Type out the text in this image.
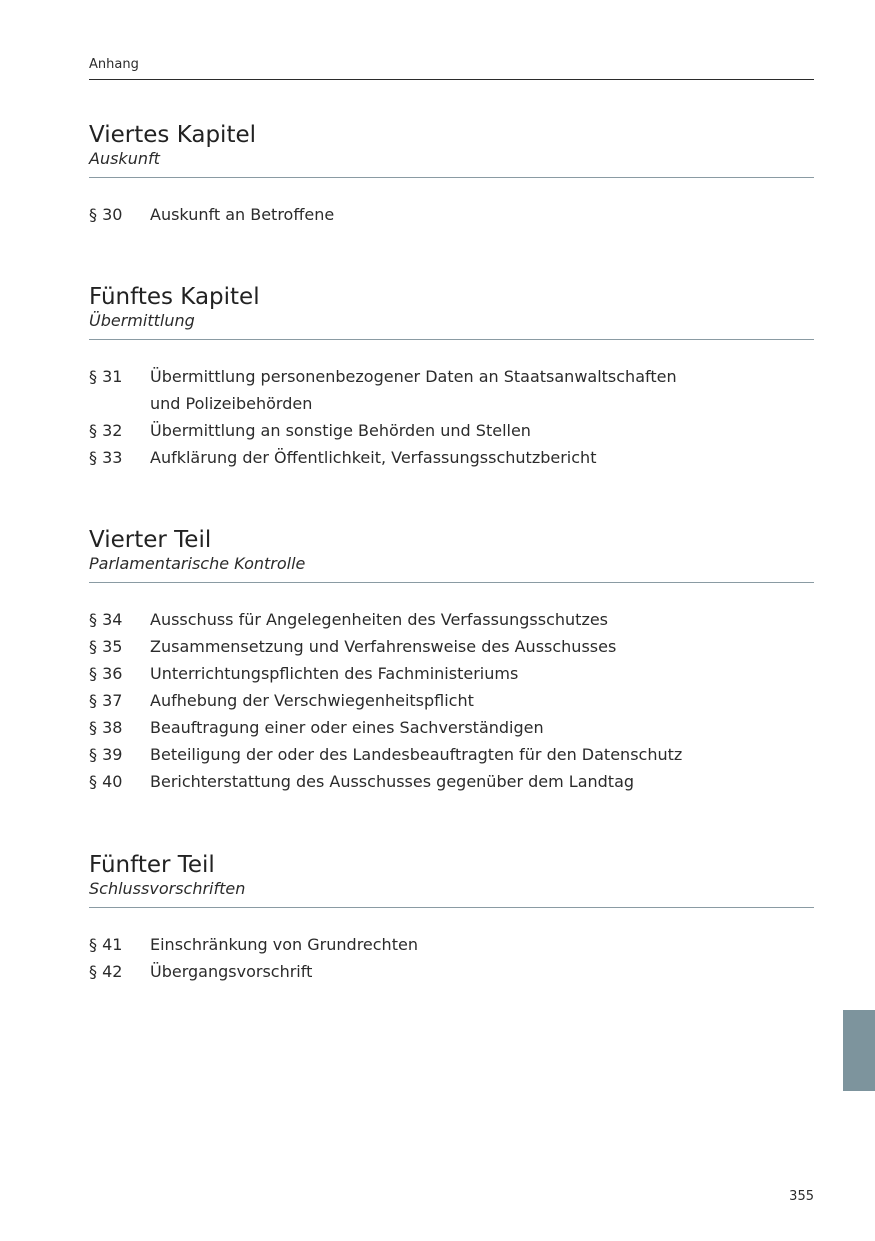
Anhang
Viertes Kapitel
Auskunft
§ 30	Auskunft an Betroffene
Fünftes Kapitel
Übermittlung
§ 31	Übermittlung personenbezogener Daten an Staatsanwaltschaften und Polizeibehörden
§ 32	Übermittlung an sonstige Behörden und Stellen
§ 33	Aufklärung der Öffentlichkeit, Verfassungsschutzbericht
Vierter Teil
Parlamentarische Kontrolle
§ 34	Ausschuss für Angelegenheiten des Verfassungsschutzes
§ 35	Zusammensetzung und Verfahrensweise des Ausschusses
§ 36	Unterrichtungspflichten des Fachministeriums
§ 37	Aufhebung der Verschwiegenheitspflicht
§ 38	Beauftragung einer oder eines Sachverständigen
§ 39	Beteiligung der oder des Landesbeauftragten für den Datenschutz
§ 40	Berichterstattung des Ausschusses gegenüber dem Landtag
Fünfter Teil
Schlussvorschriften
§ 41	Einschränkung von Grundrechten
§ 42	Übergangsvorschrift
355
